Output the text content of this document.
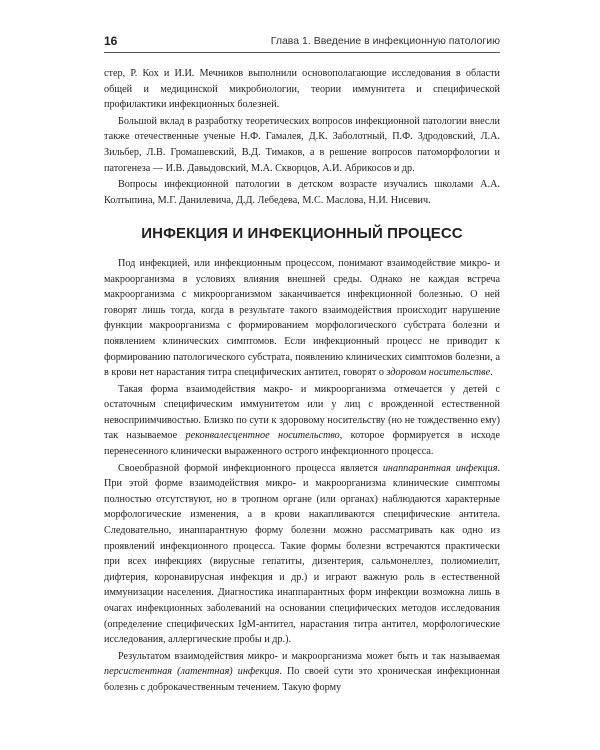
16	Глава 1. Введение в инфекционную патологию

стер, Р. Кох и И.И. Мечников выполнили основополагающие исследования в области общей и медицинской микробиологии, теории иммунитета и специфической профилактики инфекционных болезней.

Большой вклад в разработку теоретических вопросов инфекционной патологии внесли также отечественные ученые Н.Ф. Гамалея, Д.К. Заболотный, П.Ф. Здродовский, Л.А. Зильбер, Л.В. Громашевский, В.Д. Тимаков, а в решение вопросов патоморфологии и патогенеза — И.В. Давыдовский, М.А. Скворцов, А.И. Абрикосов и др.

Вопросы инфекционной патологии в детском возрасте изучались школами А.А. Колтыпина, М.Г. Данилевича, Д.Д. Лебедева, М.С. Маслова, Н.И. Нисевич.

ИНФЕКЦИЯ И ИНФЕКЦИОННЫЙ ПРОЦЕСС

Под инфекцией, или инфекционным процессом, понимают взаимодействие микро- и макроорганизма в условиях влияния внешней среды. Однако не каждая встреча макроорганизма с микроорганизмом заканчивается инфекционной болезнью. О ней говорят лишь тогда, когда в результате такого взаимодействия происходит нарушение функции макроорганизма с формированием морфологического субстрата болезни и появлением клинических симптомов. Если инфекционный процесс не приводит к формированию патологического субстрата, появлению клинических симптомов болезни, а в крови нет нарастания титра специфических антител, говорят о здоровом носительстве.

Такая форма взаимодействия макро- и микроорганизма отмечается у детей с остаточным специфическим иммунитетом или у лиц с врожденной естественной невосприимчивостью. Близко по сути к здоровому носительству (но не тождественно ему) так называемое реконвалесцентное носительство, которое формируется в исходе перенесенного клинически выраженного острого инфекционного процесса.

Своеобразной формой инфекционного процесса является инаппарантная инфекция. При этой форме взаимодействия микро- и макроорганизма клинические симптомы полностью отсутствуют, но в тропном органе (или органах) наблюдаются характерные морфологические изменения, а в крови накапливаются специфические антитела. Следовательно, инаппарантную форму болезни можно рассматривать как одно из проявлений инфекционного процесса. Такие формы болезни встречаются практически при всех инфекциях (вирусные гепатиты, дизентерия, сальмонеллез, полиомиелит, дифтерия, коронавирусная инфекция и др.) и играют важную роль в естественной иммунизации населения. Диагностика инаппарантных форм инфекции возможна лишь в очагах инфекционных заболеваний на основании специфических методов исследования (определение специфических IgM-антител, нарастания титра антител, морфологические исследования, аллергические пробы и др.).

Результатом взаимодействия микро- и макроорганизма может быть и так называемая персистентная (латентная) инфекция. По своей сути это хроническая инфекционная болезнь с доброкачественным течением. Такую форму
